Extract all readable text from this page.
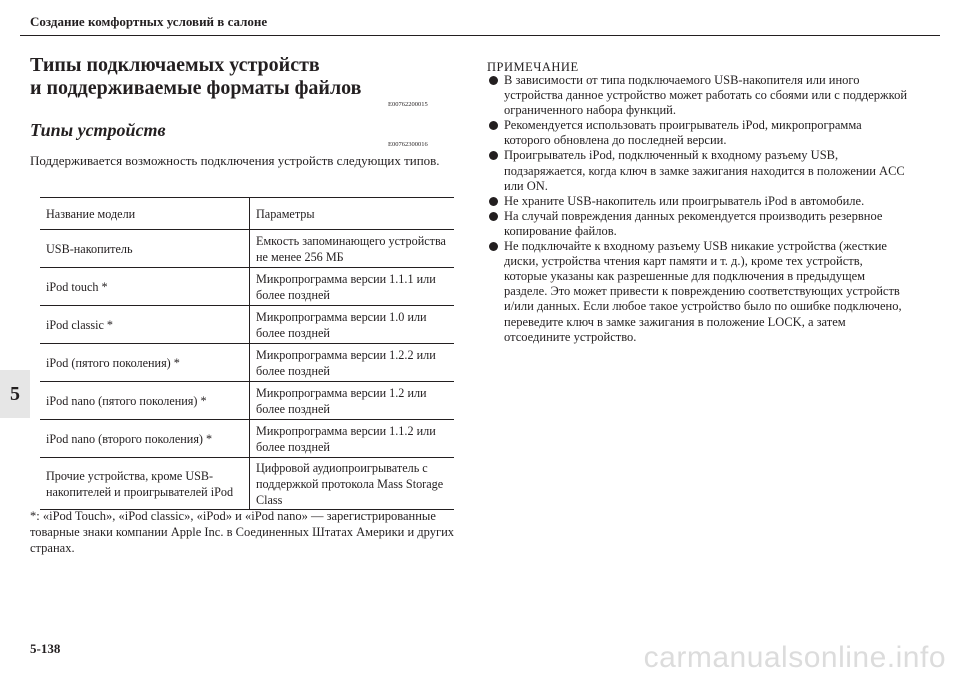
Создание комфортных условий в салоне
Типы подключаемых устройств
и поддерживаемые форматы файлов
E00762200015
Типы устройств
E00762300016
Поддерживается возможность подключения устройств следующих типов.
Название модели	Параметры
USB-накопитель	Емкость запоминающего устройства не менее 256 МБ
iPod touch *	Микропрограмма версии 1.1.1 или более поздней
iPod classic *	Микропрограмма версии 1.0 или более поздней
iPod (пятого поколения) *	Микропрограмма версии 1.2.2 или более поздней
iPod nano (пятого поколения) *	Микропрограмма версии 1.2 или более поздней
iPod nano (второго поколения) *	Микропрограмма версии 1.1.2 или более поздней
Прочие устройства, кроме USB-накопителей и проигрывателей iPod	Цифровой аудиопроигрыватель с поддержкой протокола Mass Storage Class
*: «iPod Touch», «iPod classic», «iPod» и «iPod nano» — зарегистрированные товарные знаки компании Apple Inc. в Соединенных Штатах Америки и других странах.
ПРИМЕЧАНИЕ
В зависимости от типа подключаемого USB-накопителя или иного устройства данное устройство может работать со сбоями или с поддержкой ограниченного набора функций.
Рекомендуется использовать проигрыватель iPod, микропрограмма которого обновлена до последней версии.
Проигрыватель iPod, подключенный к входному разъему USB, подзаряжается, когда ключ в замке зажигания находится в положении ACC или ON.
Не храните USB-накопитель или проигрыватель iPod в автомобиле.
На случай повреждения данных рекомендуется производить резервное копирование файлов.
Не подключайте к входному разъему USB никакие устройства (жесткие диски, устройства чтения карт памяти и т. д.), кроме тех устройств, которые указаны как разрешенные для подключения в предыдущем разделе. Это может привести к повреждению соответствующих устройств и/или данных. Если любое такое устройство было по ошибке подключено, переведите ключ в замке зажигания в положение LOCK, а затем отсоедините устройство.
5
5-138	carmanualsonline.info
